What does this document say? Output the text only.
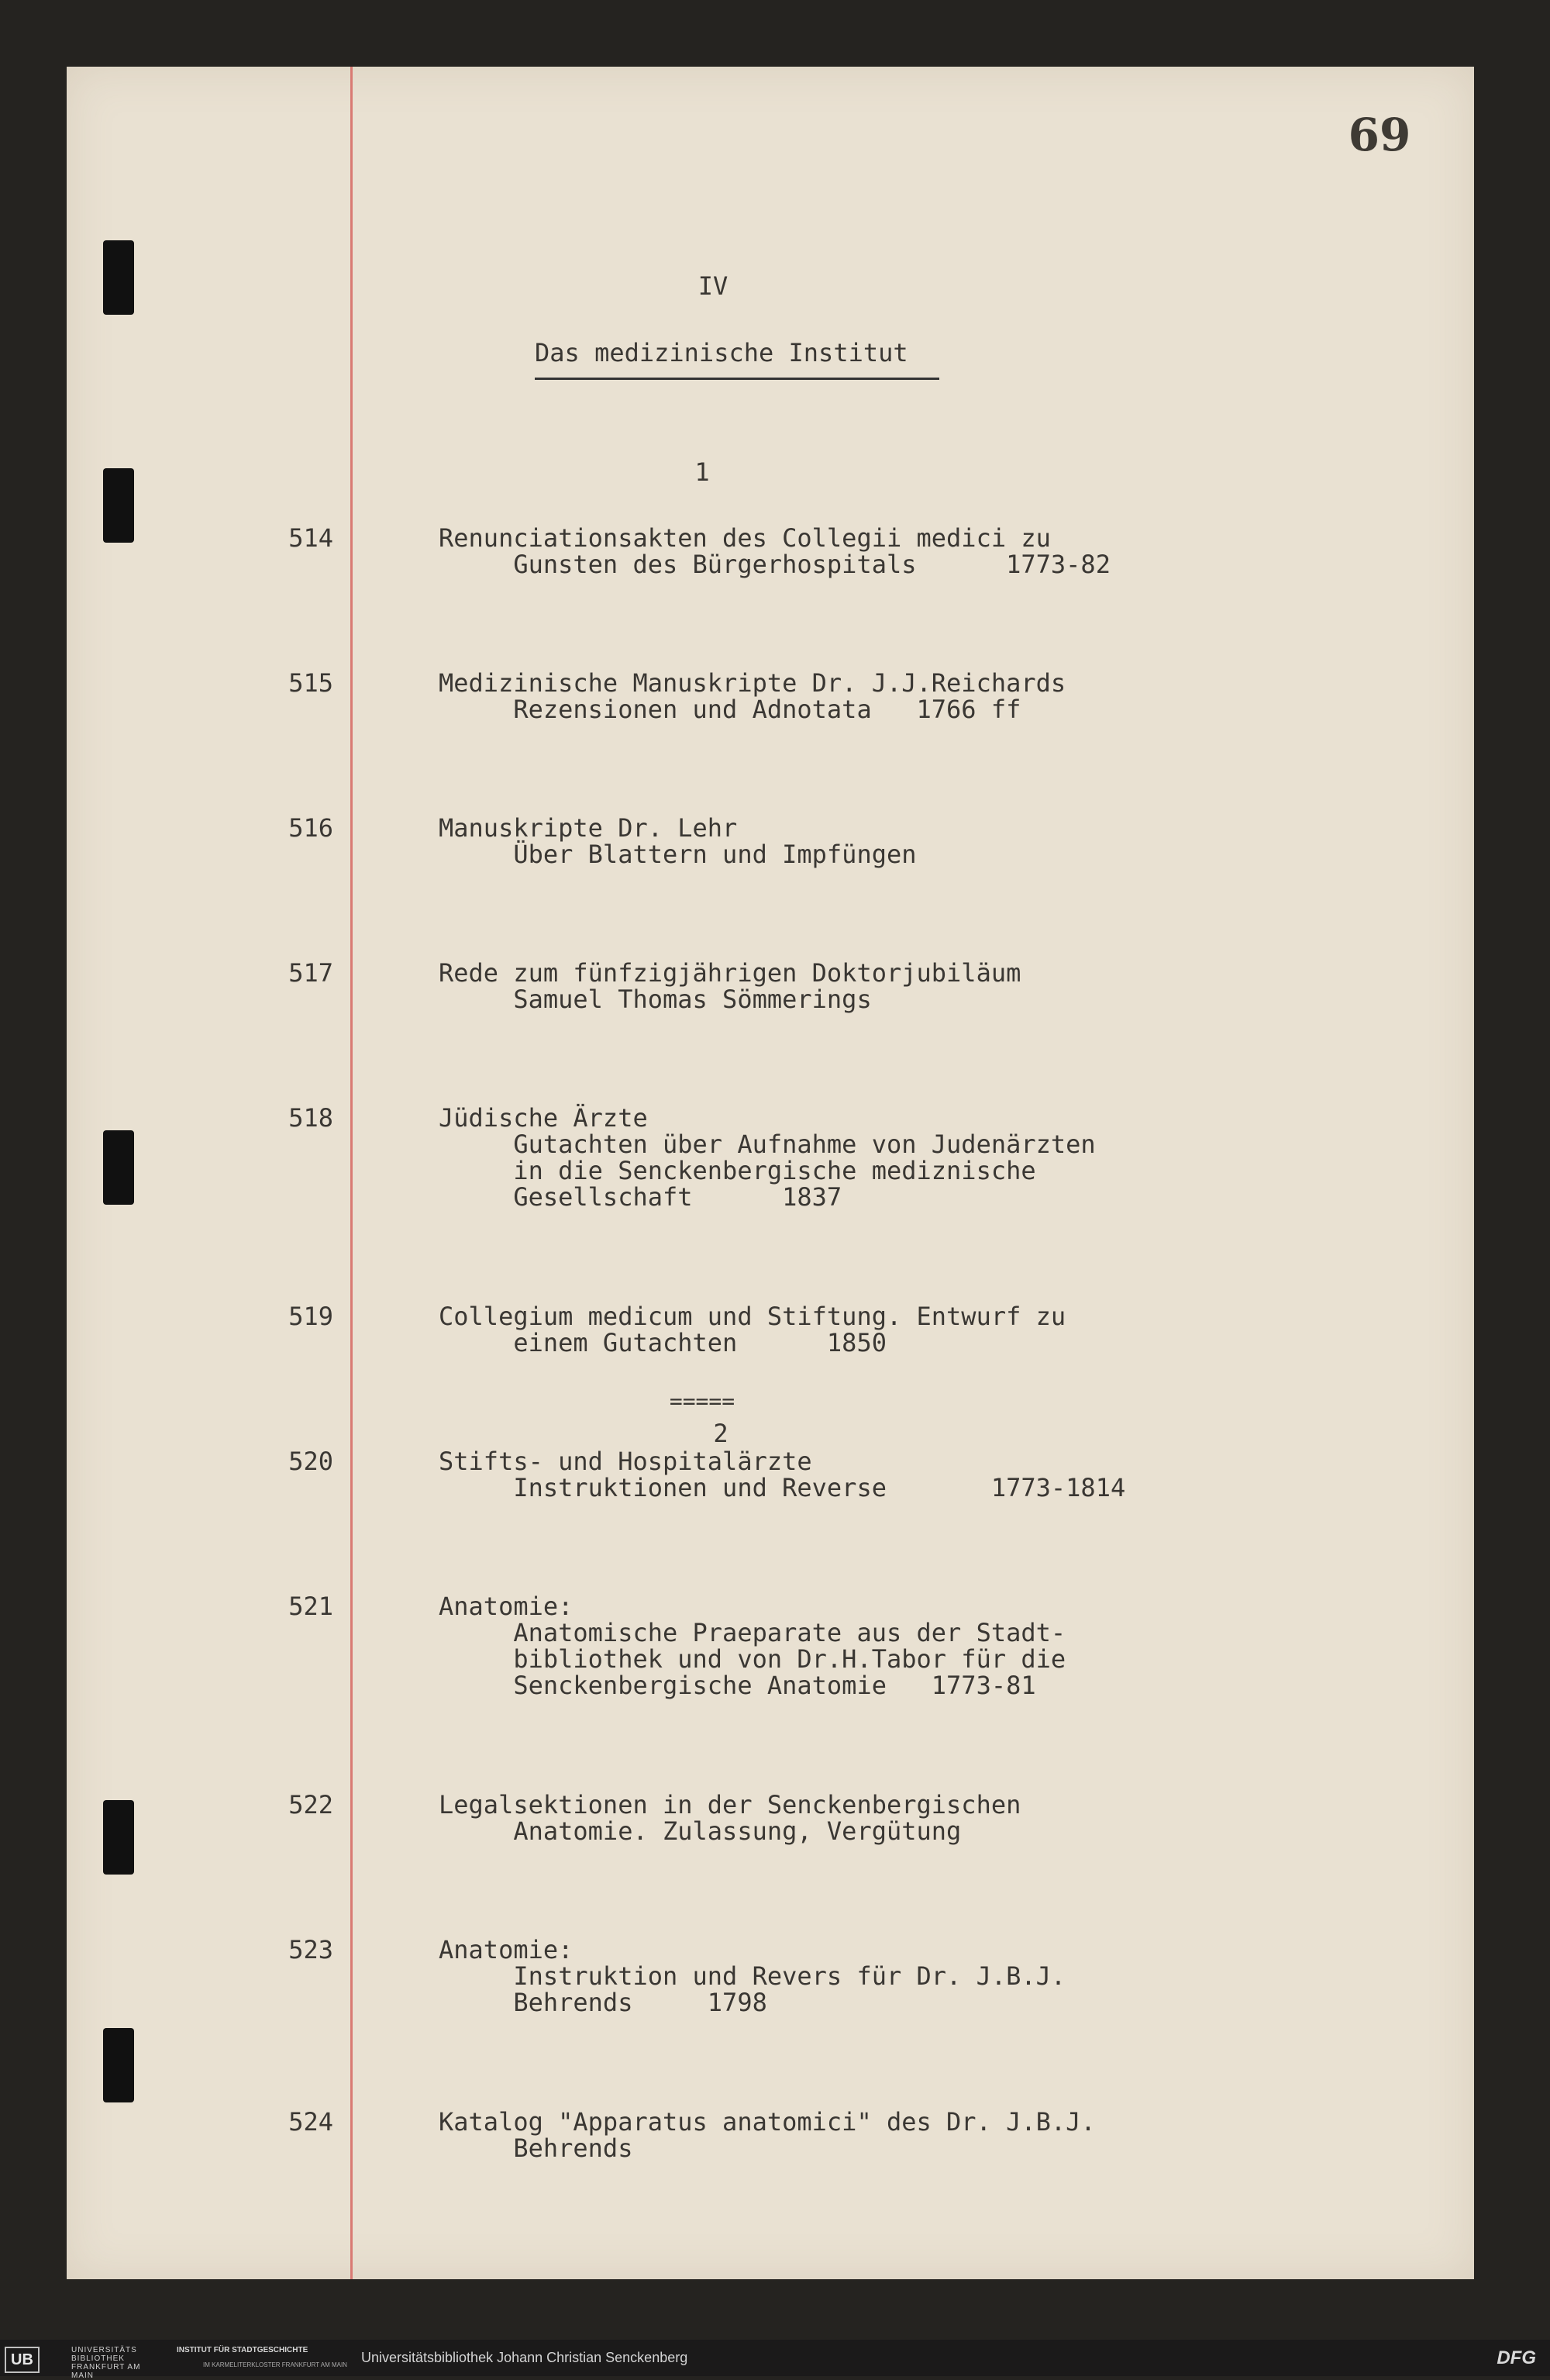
69
IV
Das medizinische Institut
1
514	Renunciationsakten des Collegii medici zu
Gunsten des Bürgerhospitals      1773-82
515	Medizinische Manuskripte Dr. J.J.Reichards
Rezensionen und Adnotata   1766 ff
516	Manuskripte Dr. Lehr
Über Blattern und Impfüngen
517	Rede zum fünfzigjährigen Doktorjubiläum
Samuel Thomas Sömmerings
518	Jüdische Ärzte
Gutachten über Aufnahme von Judenärzten
in die Senckenbergische mediznische
Gesellschaft      1837
519	Collegium medicum und Stiftung. Entwurf zu
einem Gutachten      1850
=====
2
520	Stifts- und Hospitalärzte
Instruktionen und Reverse       1773-1814
521	Anatomie:
Anatomische Praeparate aus der Stadt-
bibliothek und von Dr.H.Tabor für die
Senckenbergische Anatomie   1773-81
522	Legalsektionen in der Senckenbergischen
Anatomie. Zulassung, Vergütung
523	Anatomie:
Instruktion und Revers für Dr. J.B.J.
Behrends     1798
524	Katalog "Apparatus anatomici" des Dr. J.B.J.
Behrends
UB
UNIVERSITÄTS BIBLIOTHEK
FRANKFURT AM MAIN
INSTITUT FÜR STADTGESCHICHTE
IM KARMELITERKLOSTER FRANKFURT AM MAIN Universitätsbibliothek Johann Christian Senckenberg	DFG
